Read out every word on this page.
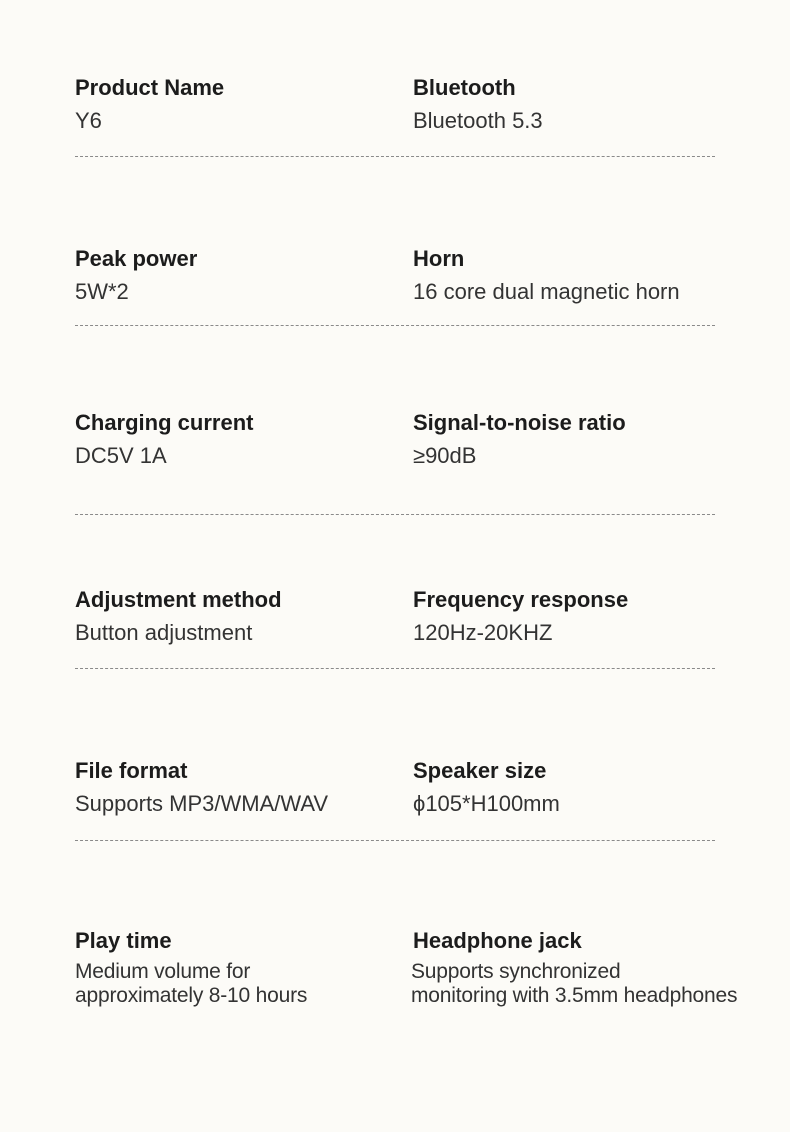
Product Name
Y6
Bluetooth
Bluetooth 5.3
Peak power
5W*2
Horn
16 core dual magnetic horn
Charging current
DC5V 1A
Signal-to-noise ratio
≥90dB
Adjustment method
Button adjustment
Frequency response
120Hz-20KHZ
File format
Supports MP3/WMA/WAV
Speaker size
ϕ105*H100mm
Play time
Medium volume for
approximately 8-10 hours
Headphone jack
Supports synchronized
monitoring with 3.5mm headphones
